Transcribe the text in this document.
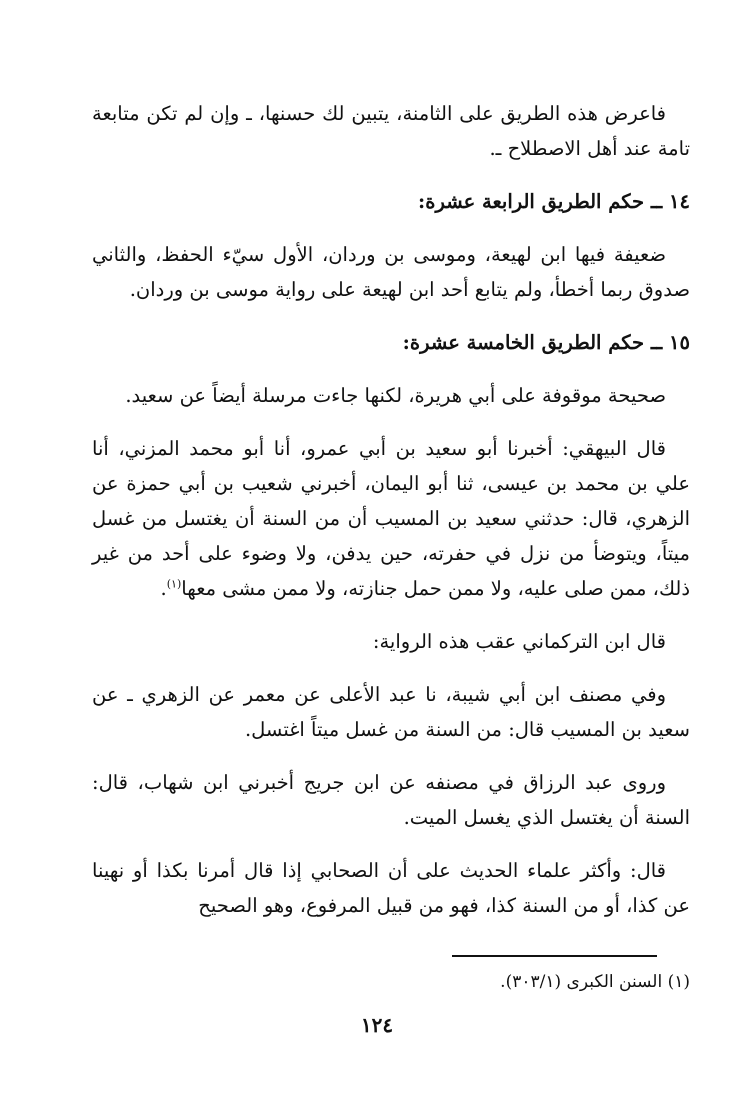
فاعرض هذه الطريق على الثامنة، يتبين لك حسنها، ـ وإن لم تكن متابعة تامة عند أهل الاصطلاح ـ.

١٤ ــ حكم الطريق الرابعة عشرة:

ضعيفة فيها ابن لهيعة، وموسى بن وردان، الأول سيّء الحفظ، والثاني صدوق ربما أخطأ، ولم يتابع أحد ابن لهيعة على رواية موسى بن وردان.

١٥ ــ حكم الطريق الخامسة عشرة:

صحيحة موقوفة على أبي هريرة، لكنها جاءت مرسلة أيضاً عن سعيد.

قال البيهقي: أخبرنا أبو سعيد بن أبي عمرو، أنا أبو محمد المزني، أنا علي بن محمد بن عيسى، ثنا أبو اليمان، أخبرني شعيب بن أبي حمزة عن الزهري، قال: حدثني سعيد بن المسيب أن من السنة أن يغتسل من غسل ميتاً، ويتوضأ من نزل في حفرته، حين يدفن، ولا وضوء على أحد من غير ذلك، ممن صلى عليه، ولا ممن حمل جنازته، ولا ممن مشى معها$^{(١)}$.

قال ابن التركماني عقب هذه الرواية:

وفي مصنف ابن أبي شيبة، نا عبد الأعلى عن معمر عن الزهري ـ عن سعيد بن المسيب قال: من السنة من غسل ميتاً اغتسل.

وروى عبد الرزاق في مصنفه عن ابن جريج أخبرني ابن شهاب، قال: السنة أن يغتسل الذي يغسل الميت.

قال: وأكثر علماء الحديث على أن الصحابي إذا قال أمرنا بكذا أو نهينا عن كذا، أو من السنة كذا، فهو من قبيل المرفوع، وهو الصحيح

(١) السنن الكبرى (٣٠٣/١).
١٢٤
